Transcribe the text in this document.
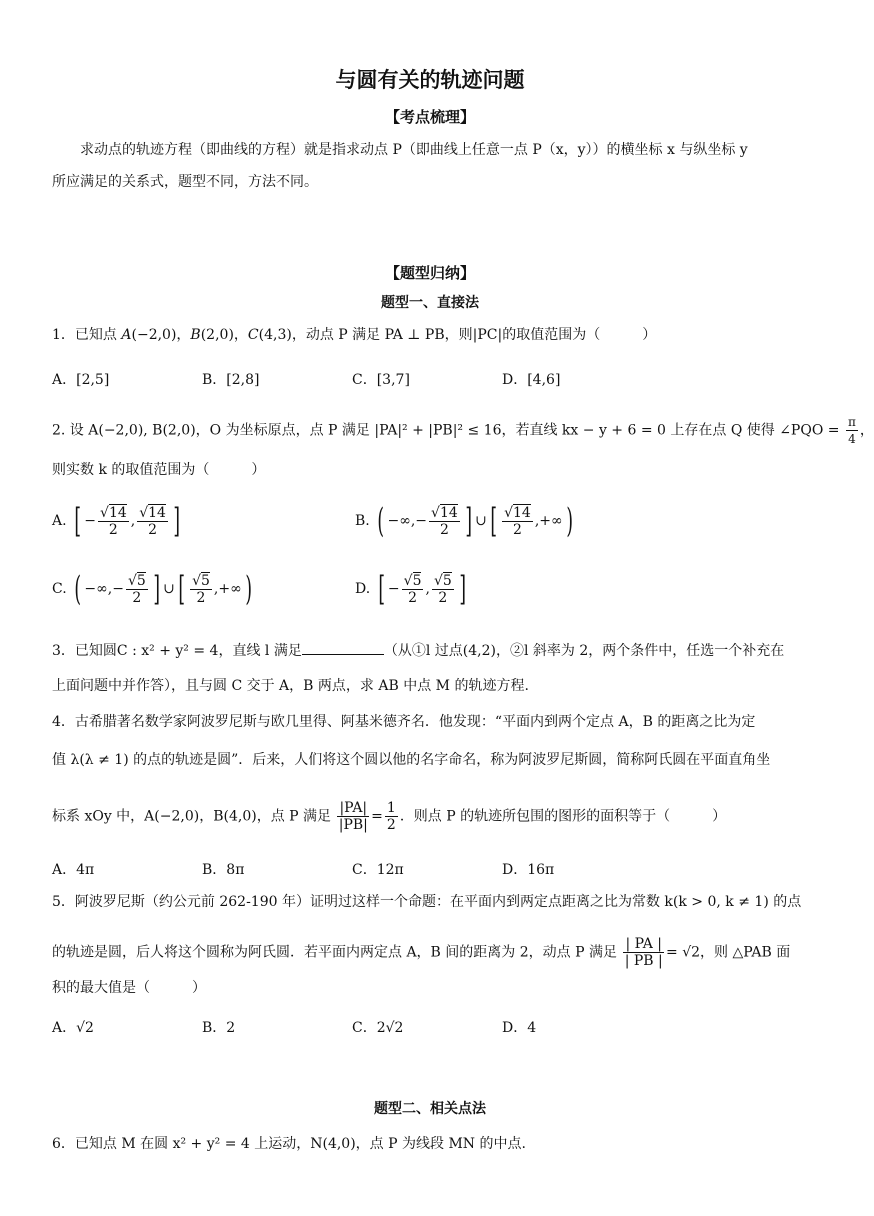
与圆有关的轨迹问题
【考点梳理】
求动点的轨迹方程（即曲线的方程）就是指求动点 P（即曲线上任意一点 P（x，y））的横坐标 x 与纵坐标 y
所应满足的关系式，题型不同，方法不同。
【题型归纳】
题型一、直接法
1．已知点 A(−2,0)，B(2,0)，C(4,3)，动点 P 满足 PA ⊥ PB，则|PC|的取值范围为（　　　）
A．[2,5]	B．[2,8]	C．[3,7]	D．[4,6]
2. 设 A(−2,0), B(2,0)，O 为坐标原点，点 P 满足 |PA|² + |PB|² ≤ 16，若直线 kx − y + 6 = 0 上存在点 Q 使得 ∠PQO = $\frac{\pi}{4}$ ，
则实数 k 的取值范围为（　　　）
A. [ − $\frac{√14}{2}$ , $\frac{√14}{2}$ ]	B. ( −∞,− $\frac{√14}{2}$ ] ∪[ $\frac{√14}{2}$ ,+∞)
C. ( −∞,− $\frac{√5}{2}$ ] ∪[ $\frac{√5}{2}$ ,+∞)	D. [ − $\frac{√5}{2}$ , $\frac{√5}{2}$ ]
3．已知圆C : x² + y² = 4，直线 l 满足	（从①l 过点(4,2)，②l 斜率为 2，两个条件中，任选一个补充在
上面问题中并作答），且与圆 C 交于 A，B 两点，求 AB 中点 M 的轨迹方程.
4．古希腊著名数学家阿波罗尼斯与欧几里得、阿基米德齐名．他发现：“平面内到两个定点 A，B 的距离之比为定
值 λ(λ ≠ 1) 的点的轨迹是圆”．后来，人们将这个圆以他的名字命名，称为阿波罗尼斯圆，简称阿氏圆在平面直角坐
标系 xOy 中，A(−2,0)，B(4,0)，点 P 满足 $\frac{|PA|}{|PB|} = \frac{1}{2}$ ．则点 P 的轨迹所包围的图形的面积等于（　　　）
A．4π	B．8π	C．12π	D．16π
5．阿波罗尼斯（约公元前 262-190 年）证明过这样一个命题：在平面内到两定点距离之比为常数 k(k > 0, k ≠ 1) 的点
的轨迹是圆，后人将这个圆称为阿氏圆．若平面内两定点 A，B 间的距离为 2，动点 P 满足 $\frac{| PA |}{| PB |} = √2$，则 △PAB 面
积的最大值是（　　　）
A．√2	B．2	C．2√2	D．4
题型二、相关点法
6．已知点 M 在圆 x² + y² = 4 上运动，N(4,0)，点 P 为线段 MN 的中点.
